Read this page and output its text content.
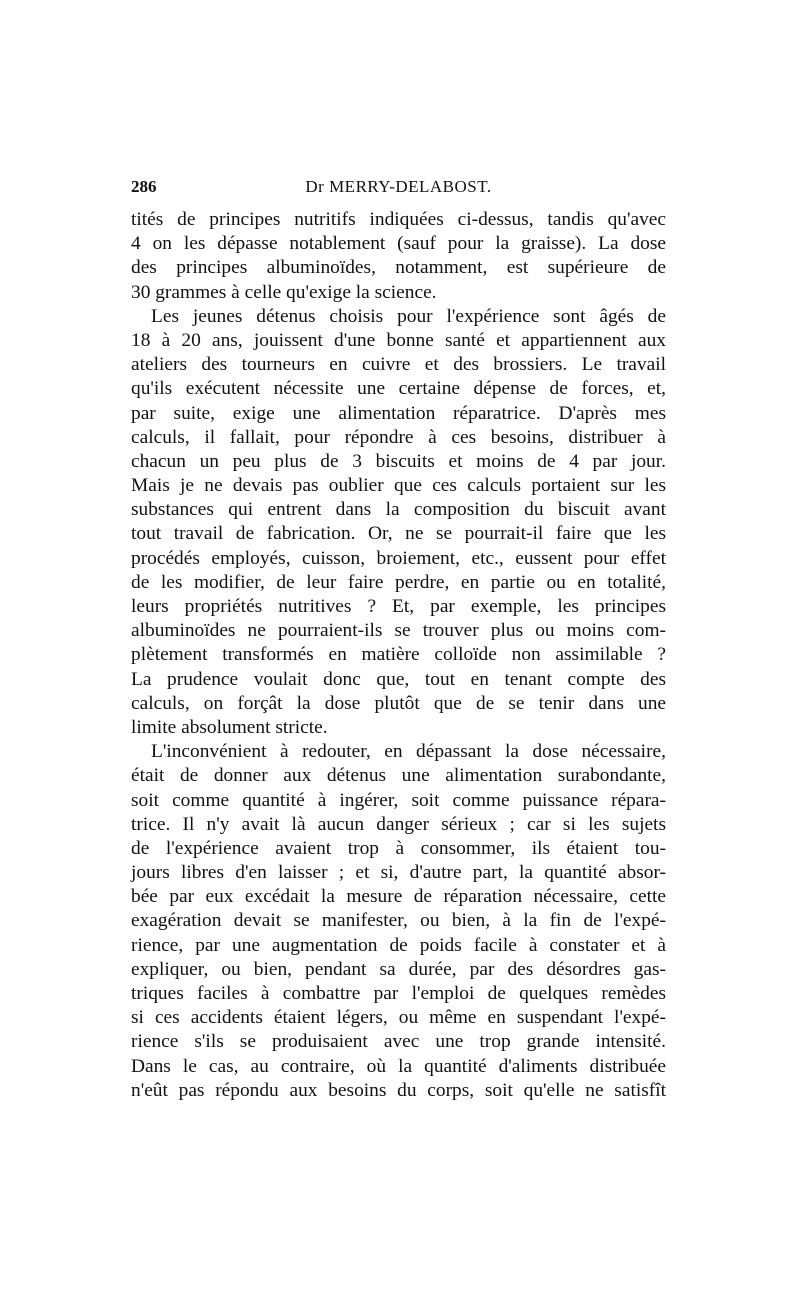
286	Dr MERRY-DELABOST.
tités de principes nutritifs indiquées ci-dessus, tandis qu'avec
4 on les dépasse notablement (sauf pour la graisse). La dose
des principes albuminoïdes, notamment, est supérieure de
30 grammes à celle qu'exige la science.
Les jeunes détenus choisis pour l'expérience sont âgés de
18 à 20 ans, jouissent d'une bonne santé et appartiennent aux
ateliers des tourneurs en cuivre et des brossiers. Le travail
qu'ils exécutent nécessite une certaine dépense de forces, et,
par suite, exige une alimentation réparatrice. D'après mes
calculs, il fallait, pour répondre à ces besoins, distribuer à
chacun un peu plus de 3 biscuits et moins de 4 par jour.
Mais je ne devais pas oublier que ces calculs portaient sur les
substances qui entrent dans la composition du biscuit avant
tout travail de fabrication. Or, ne se pourrait-il faire que les
procédés employés, cuisson, broiement, etc., eussent pour effet
de les modifier, de leur faire perdre, en partie ou en totalité,
leurs propriétés nutritives ? Et, par exemple, les principes
albuminoïdes ne pourraient-ils se trouver plus ou moins com-
plètement transformés en matière colloïde non assimilable ?
La prudence voulait donc que, tout en tenant compte des
calculs, on forçât la dose plutôt que de se tenir dans une
limite absolument stricte.
L'inconvénient à redouter, en dépassant la dose nécessaire,
était de donner aux détenus une alimentation surabondante,
soit comme quantité à ingérer, soit comme puissance répara-
trice. Il n'y avait là aucun danger sérieux ; car si les sujets
de l'expérience avaient trop à consommer, ils étaient tou-
jours libres d'en laisser ; et si, d'autre part, la quantité absor-
bée par eux excédait la mesure de réparation nécessaire, cette
exagération devait se manifester, ou bien, à la fin de l'expé-
rience, par une augmentation de poids facile à constater et à
expliquer, ou bien, pendant sa durée, par des désordres gas-
triques faciles à combattre par l'emploi de quelques remèdes
si ces accidents étaient légers, ou même en suspendant l'expé-
rience s'ils se produisaient avec une trop grande intensité.
Dans le cas, au contraire, où la quantité d'aliments distribuée
n'eût pas répondu aux besoins du corps, soit qu'elle ne satisfît
